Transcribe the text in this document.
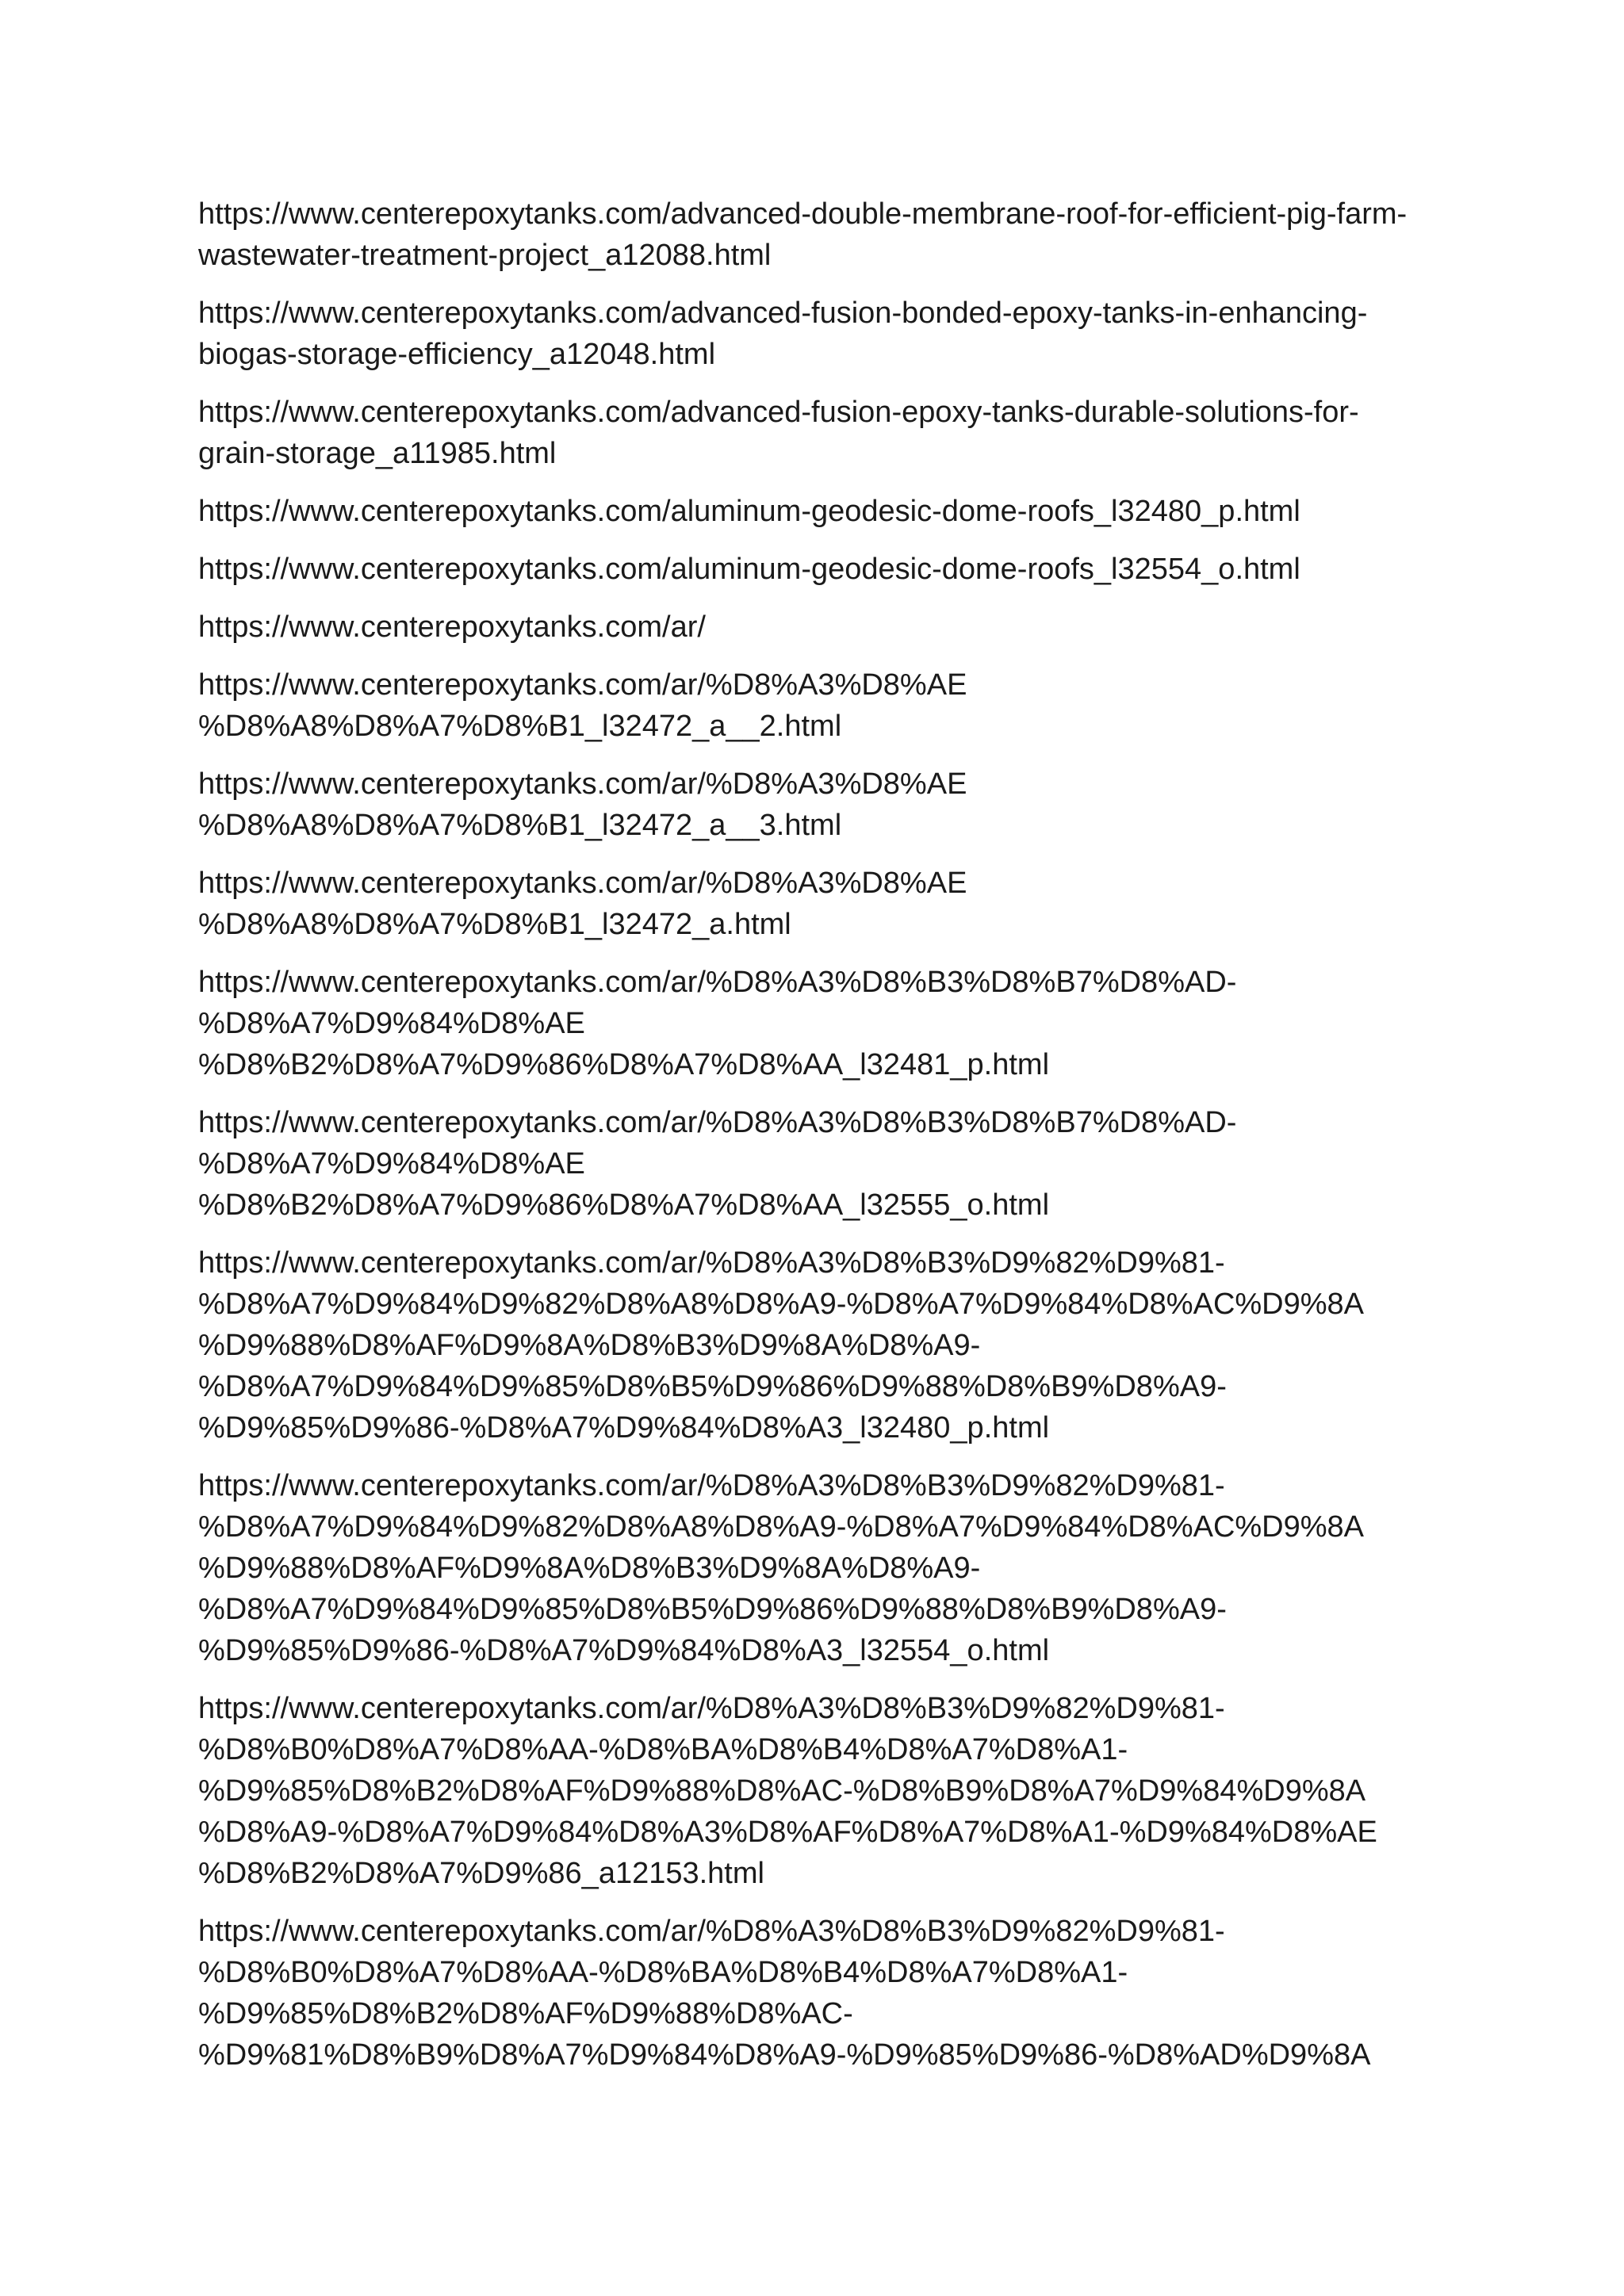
https://www.centerepoxytanks.com/advanced-double-membrane-roof-for-efficient-pig-farm-
wastewater-treatment-project_a12088.html
https://www.centerepoxytanks.com/advanced-fusion-bonded-epoxy-tanks-in-enhancing-
biogas-storage-efficiency_a12048.html
https://www.centerepoxytanks.com/advanced-fusion-epoxy-tanks-durable-solutions-for-
grain-storage_a11985.html
https://www.centerepoxytanks.com/aluminum-geodesic-dome-roofs_l32480_p.html
https://www.centerepoxytanks.com/aluminum-geodesic-dome-roofs_l32554_o.html
https://www.centerepoxytanks.com/ar/
https://www.centerepoxytanks.com/ar/%D8%A3%D8%AE
%D8%A8%D8%A7%D8%B1_l32472_a__2.html
https://www.centerepoxytanks.com/ar/%D8%A3%D8%AE
%D8%A8%D8%A7%D8%B1_l32472_a__3.html
https://www.centerepoxytanks.com/ar/%D8%A3%D8%AE
%D8%A8%D8%A7%D8%B1_l32472_a.html
https://www.centerepoxytanks.com/ar/%D8%A3%D8%B3%D8%B7%D8%AD-
%D8%A7%D9%84%D8%AE
%D8%B2%D8%A7%D9%86%D8%A7%D8%AA_l32481_p.html
https://www.centerepoxytanks.com/ar/%D8%A3%D8%B3%D8%B7%D8%AD-
%D8%A7%D9%84%D8%AE
%D8%B2%D8%A7%D9%86%D8%A7%D8%AA_l32555_o.html
https://www.centerepoxytanks.com/ar/%D8%A3%D8%B3%D9%82%D9%81-
%D8%A7%D9%84%D9%82%D8%A8%D8%A9-%D8%A7%D9%84%D8%AC%D9%8A
%D9%88%D8%AF%D9%8A%D8%B3%D9%8A%D8%A9-
%D8%A7%D9%84%D9%85%D8%B5%D9%86%D9%88%D8%B9%D8%A9-
%D9%85%D9%86-%D8%A7%D9%84%D8%A3_l32480_p.html
https://www.centerepoxytanks.com/ar/%D8%A3%D8%B3%D9%82%D9%81-
%D8%A7%D9%84%D9%82%D8%A8%D8%A9-%D8%A7%D9%84%D8%AC%D9%8A
%D9%88%D8%AF%D9%8A%D8%B3%D9%8A%D8%A9-
%D8%A7%D9%84%D9%85%D8%B5%D9%86%D9%88%D8%B9%D8%A9-
%D9%85%D9%86-%D8%A7%D9%84%D8%A3_l32554_o.html
https://www.centerepoxytanks.com/ar/%D8%A3%D8%B3%D9%82%D9%81-
%D8%B0%D8%A7%D8%AA-%D8%BA%D8%B4%D8%A7%D8%A1-
%D9%85%D8%B2%D8%AF%D9%88%D8%AC-%D8%B9%D8%A7%D9%84%D9%8A
%D8%A9-%D8%A7%D9%84%D8%A3%D8%AF%D8%A7%D8%A1-%D9%84%D8%AE
%D8%B2%D8%A7%D9%86_a12153.html
https://www.centerepoxytanks.com/ar/%D8%A3%D8%B3%D9%82%D9%81-
%D8%B0%D8%A7%D8%AA-%D8%BA%D8%B4%D8%A7%D8%A1-
%D9%85%D8%B2%D8%AF%D9%88%D8%AC-
%D9%81%D8%B9%D8%A7%D9%84%D8%A9-%D9%85%D9%86-%D8%AD%D9%8A
